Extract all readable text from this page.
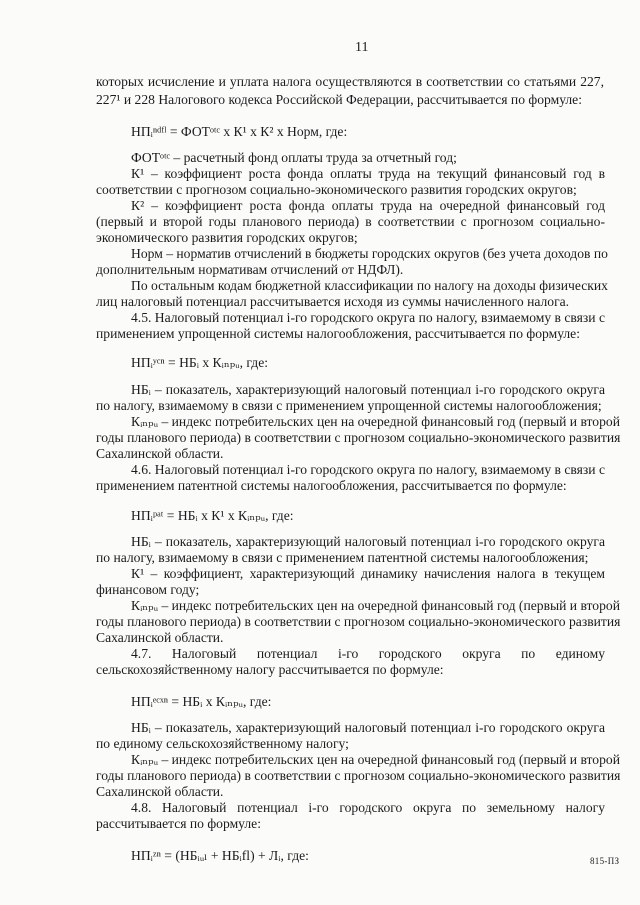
11
которых исчисление и уплата налога осуществляются в соответствии со статьями 227,
227¹ и 228 Налогового кодекса Российской Федерации, рассчитывается по формуле:
НПᵢⁿᵈᶠˡ = ФОТᵒᵗᶜ x К¹ x К² x Норм, где:
ФОТᵒᵗᶜ – расчетный фонд оплаты труда за отчетный год;
К¹ – коэффициент роста фонда оплаты труда на текущий финансовый год в
соответствии с прогнозом социально-экономического развития городских округов;
К² – коэффициент роста фонда оплаты труда на очередной финансовый год
(первый и второй годы планового периода) в соответствии с прогнозом социально-
экономического развития городских округов;
Норм – норматив отчислений в бюджеты городских округов (без учета доходов по
дополнительным нормативам отчислений от НДФЛ).
По остальным кодам бюджетной классификации по налогу на доходы физических
лиц налоговый потенциал рассчитывается исходя из суммы начисленного налога.
4.5. Налоговый потенциал i-го городского округа по налогу, взимаемому в связи с
применением упрощенной системы налогообложения, рассчитывается по формуле:
НПᵢʸᶜⁿ = НБᵢ x Кᵢₙₚᵤ, где:
НБᵢ – показатель, характеризующий налоговый потенциал i-го городского округа
по налогу, взимаемому в связи с применением упрощенной системы налогообложения;
Кᵢₙₚᵤ – индекс потребительских цен на очередной финансовый год (первый и второй
годы планового периода) в соответствии с прогнозом социально-экономического развития
Сахалинской области.
4.6. Налоговый потенциал i-го городского округа по налогу, взимаемому в связи с
применением патентной системы налогообложения, рассчитывается по формуле:
НПᵢᵖᵃᵗ = НБᵢ x К¹ x Кᵢₙₚᵤ, где:
НБᵢ – показатель, характеризующий налоговый потенциал i-го городского округа
по налогу, взимаемому в связи с применением патентной системы налогообложения;
К¹ – коэффициент, характеризующий динамику начисления налога в текущем
финансовом году;
Кᵢₙₚᵤ – индекс потребительских цен на очередной финансовый год (первый и второй
годы планового периода) в соответствии с прогнозом социально-экономического развития
Сахалинской области.
4.7. Налоговый потенциал i-го городского округа по единому
сельскохозяйственному налогу рассчитывается по формуле:
НПᵢᵉᶜˣⁿ = НБᵢ x Кᵢₙₚᵤ, где:
НБᵢ – показатель, характеризующий налоговый потенциал i-го городского округа
по единому сельскохозяйственному налогу;
Кᵢₙₚᵤ – индекс потребительских цен на очередной финансовый год (первый и второй
годы планового периода) в соответствии с прогнозом социально-экономического развития
Сахалинской области.
4.8. Налоговый потенциал i-го городского округа по земельному налогу
рассчитывается по формуле:
НПᵢᶻⁿ = (НБᵢᵤₗ + НБᵢfl) + Лᵢ, где:	815-ПЗ
